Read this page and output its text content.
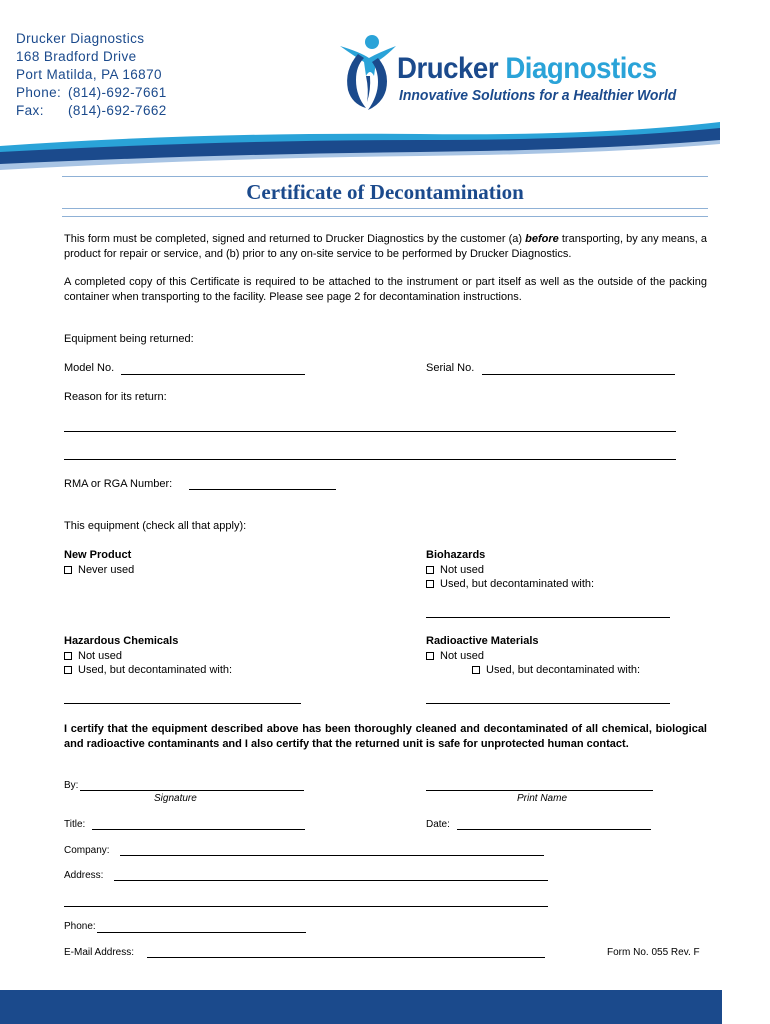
Drucker Diagnostics
168 Bradford Drive
Port Matilda, PA 16870
Phone: (814)-692-7661
Fax: (814)-692-7662
Drucker Diagnostics
Innovative Solutions for a Healthier World
Certificate of Decontamination
This form must be completed, signed and returned to Drucker Diagnostics by the customer (a) before transporting, by any means, a product for repair or service, and (b) prior to any on-site service to be performed by Drucker Diagnostics.
A completed copy of this Certificate is required to be attached to the instrument or part itself as well as the outside of the packing container when transporting to the facility. Please see page 2 for decontamination instructions.
Equipment being returned:
Model No.	Serial No.
Reason for its return:
RMA or RGA Number:
This equipment (check all that apply):
New Product
Never used
Biohazards
Not used
Used, but decontaminated with:
Hazardous Chemicals
Not used
Used, but decontaminated with:
Radioactive Materials
Not used
Used, but decontaminated with:
I certify that the equipment described above has been thoroughly cleaned and decontaminated of all chemical, biological and radioactive contaminants and I also certify that the returned unit is safe for unprotected human contact.
By:
Signature	Print Name
Title:	Date:
Company:
Address:
Phone:
E-Mail Address:	Form No. 055 Rev. F
